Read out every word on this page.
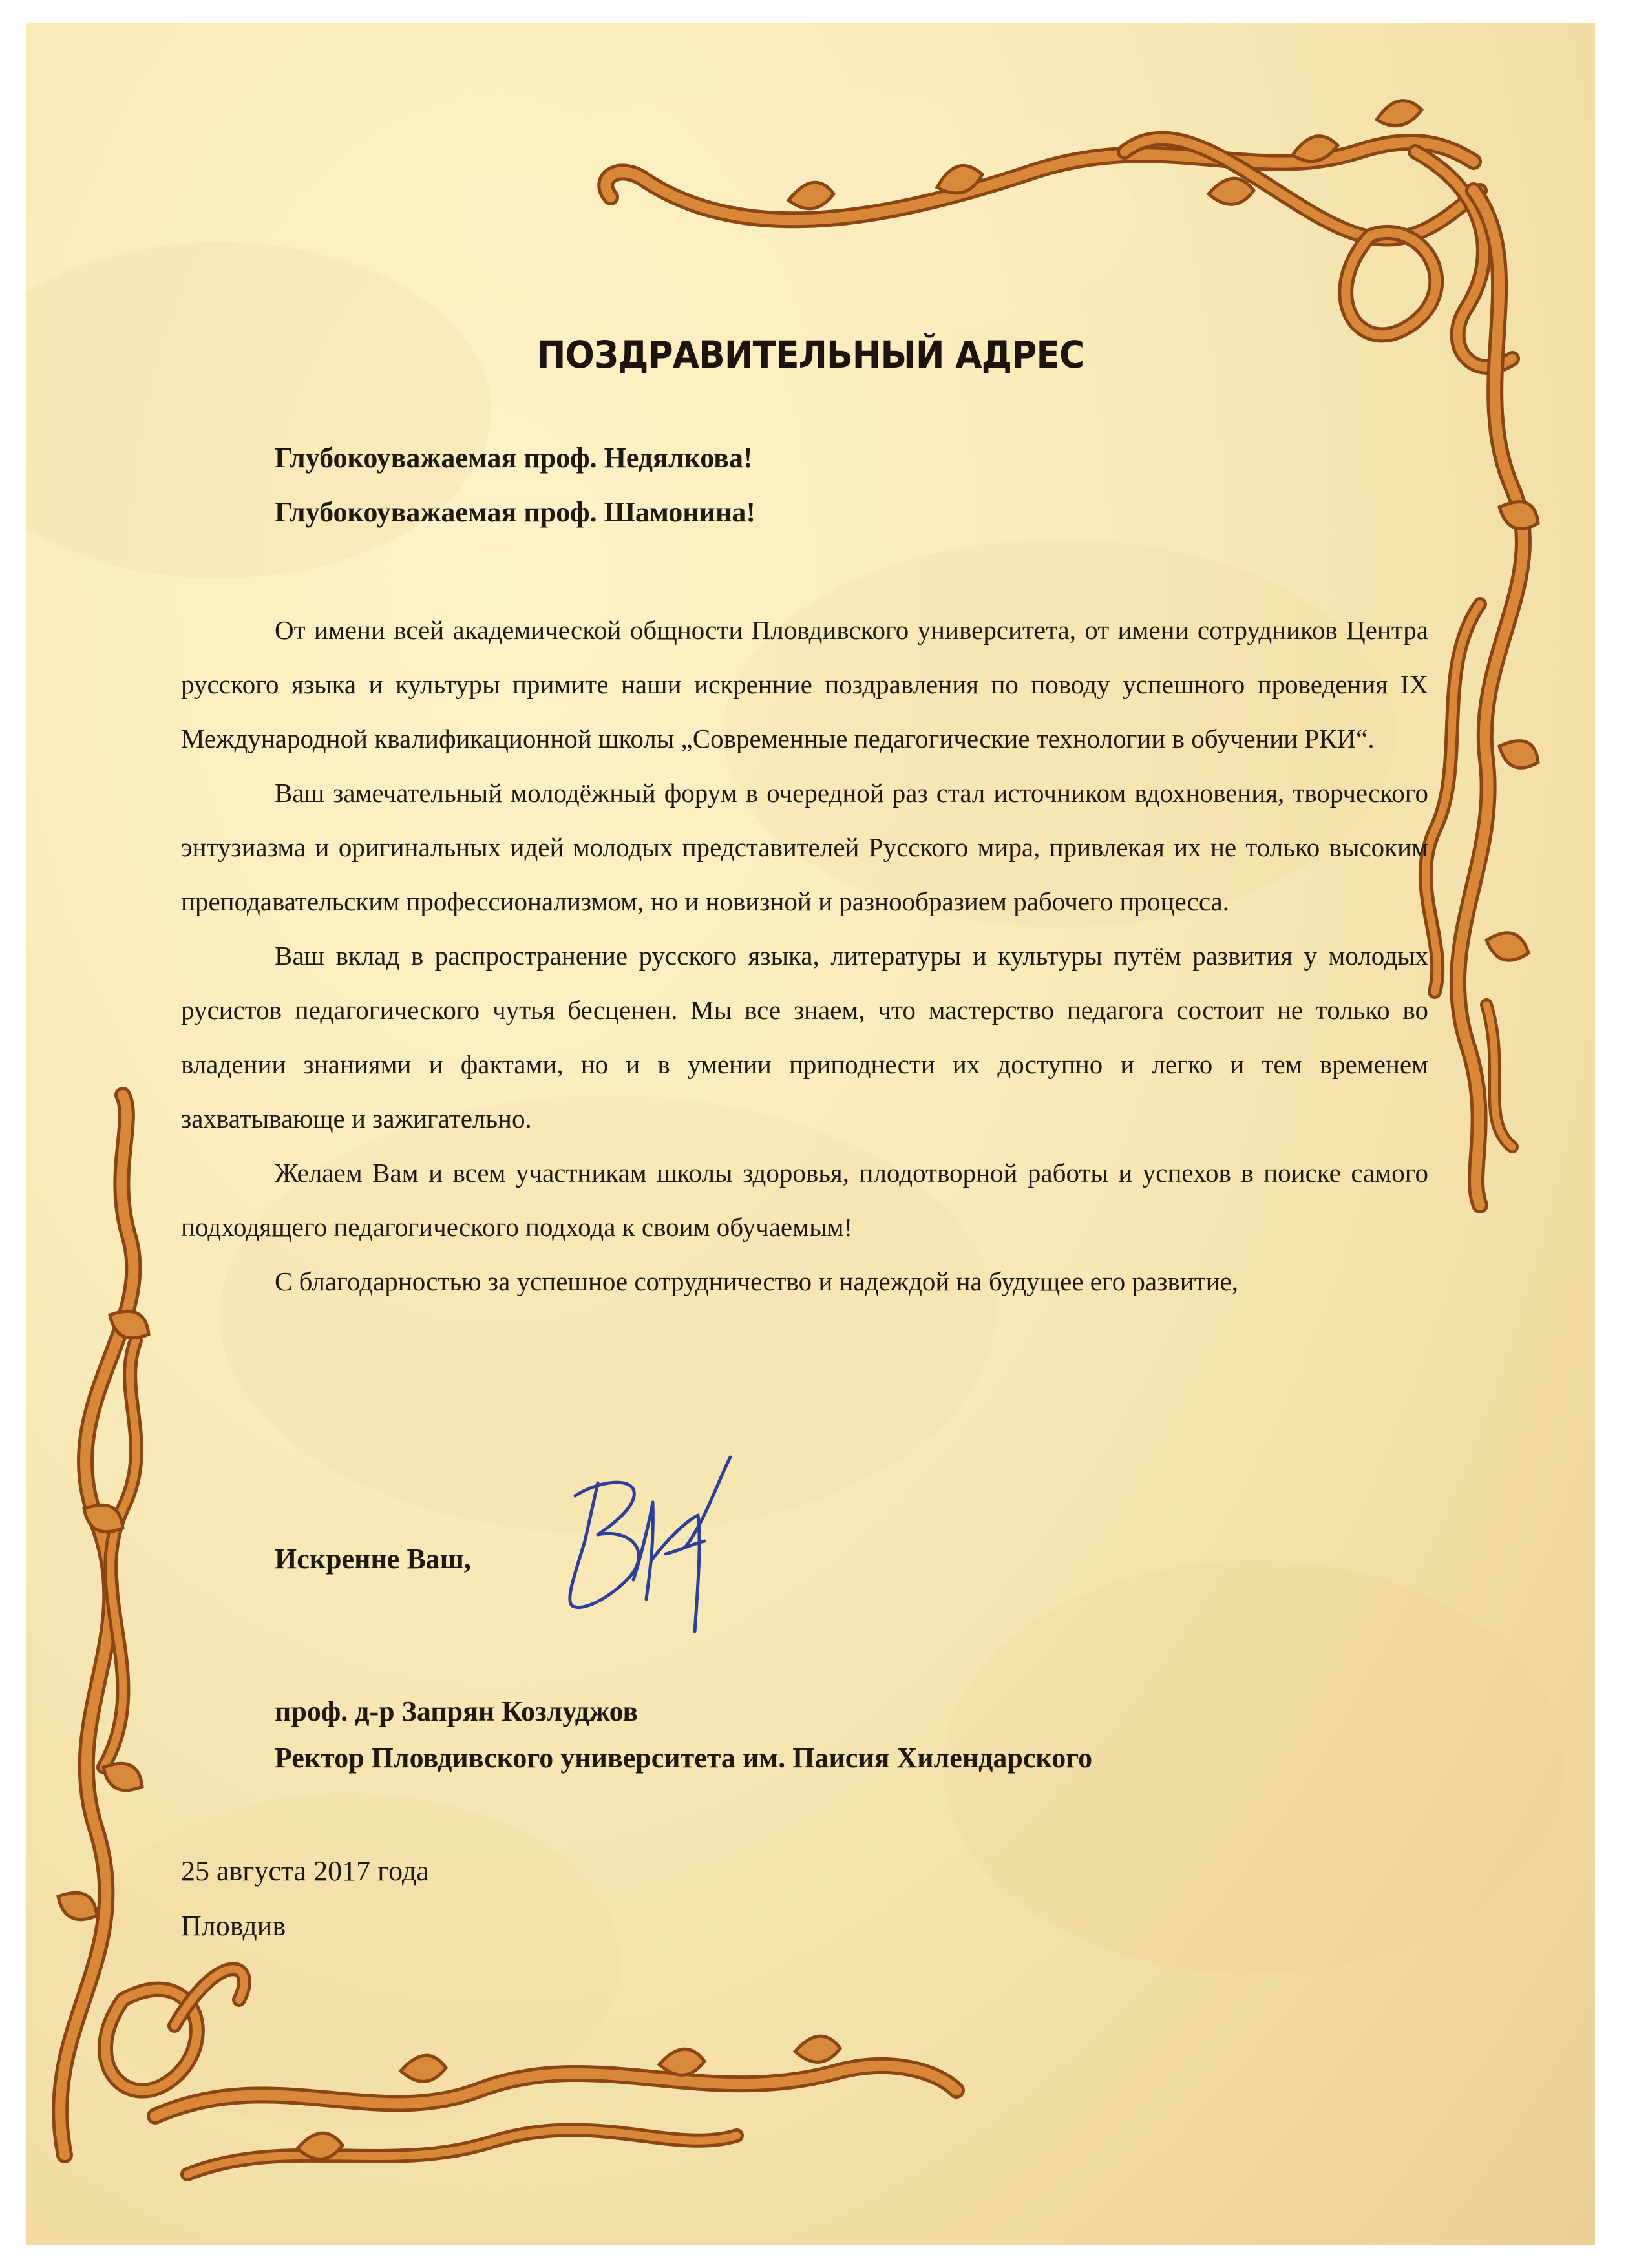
ПОЗДРАВИТЕЛЬНЫЙ АДРЕС
Глубокоуважаемая проф. Недялкова!
Глубокоуважаемая проф. Шамонина!

От имени всей академической общности Пловдивского университета, от имени сотрудников Центра русского языка и культуры примите наши искренние поздравления по поводу успешного проведения IX Международной квалификационной школы „Современные педагогические технологии в обучении РКИ“.

Ваш замечательный молодёжный форум в очередной раз стал источником вдохновения, творческого энтузиазма и оригинальных идей молодых представителей Русского мира, привлекая их не только высоким преподавательским профессионализмом, но и новизной и разнообразием рабочего процесса.

Ваш вклад в распространение русского языка, литературы и культуры путём развития у молодых русистов педагогического чутья бесценен. Мы все знаем, что мастерство педагога состоит не только во владении знаниями и фактами, но и в умении приподнести их доступно и легко и тем временем захватывающе и зажигательно.

Желаем Вам и всем участникам школы здоровья, плодотворной работы и успехов в поиске самого подходящего педагогического подхода к своим обучаемым!

С благодарностью за успешное сотрудничество и надеждой на будущее его развитие,

Искренне Ваш,
проф. д-р Запрян Козлуджов
Ректор Пловдивского университета им. Паисия Хилендарского
25 августа 2017 года
Пловдив
